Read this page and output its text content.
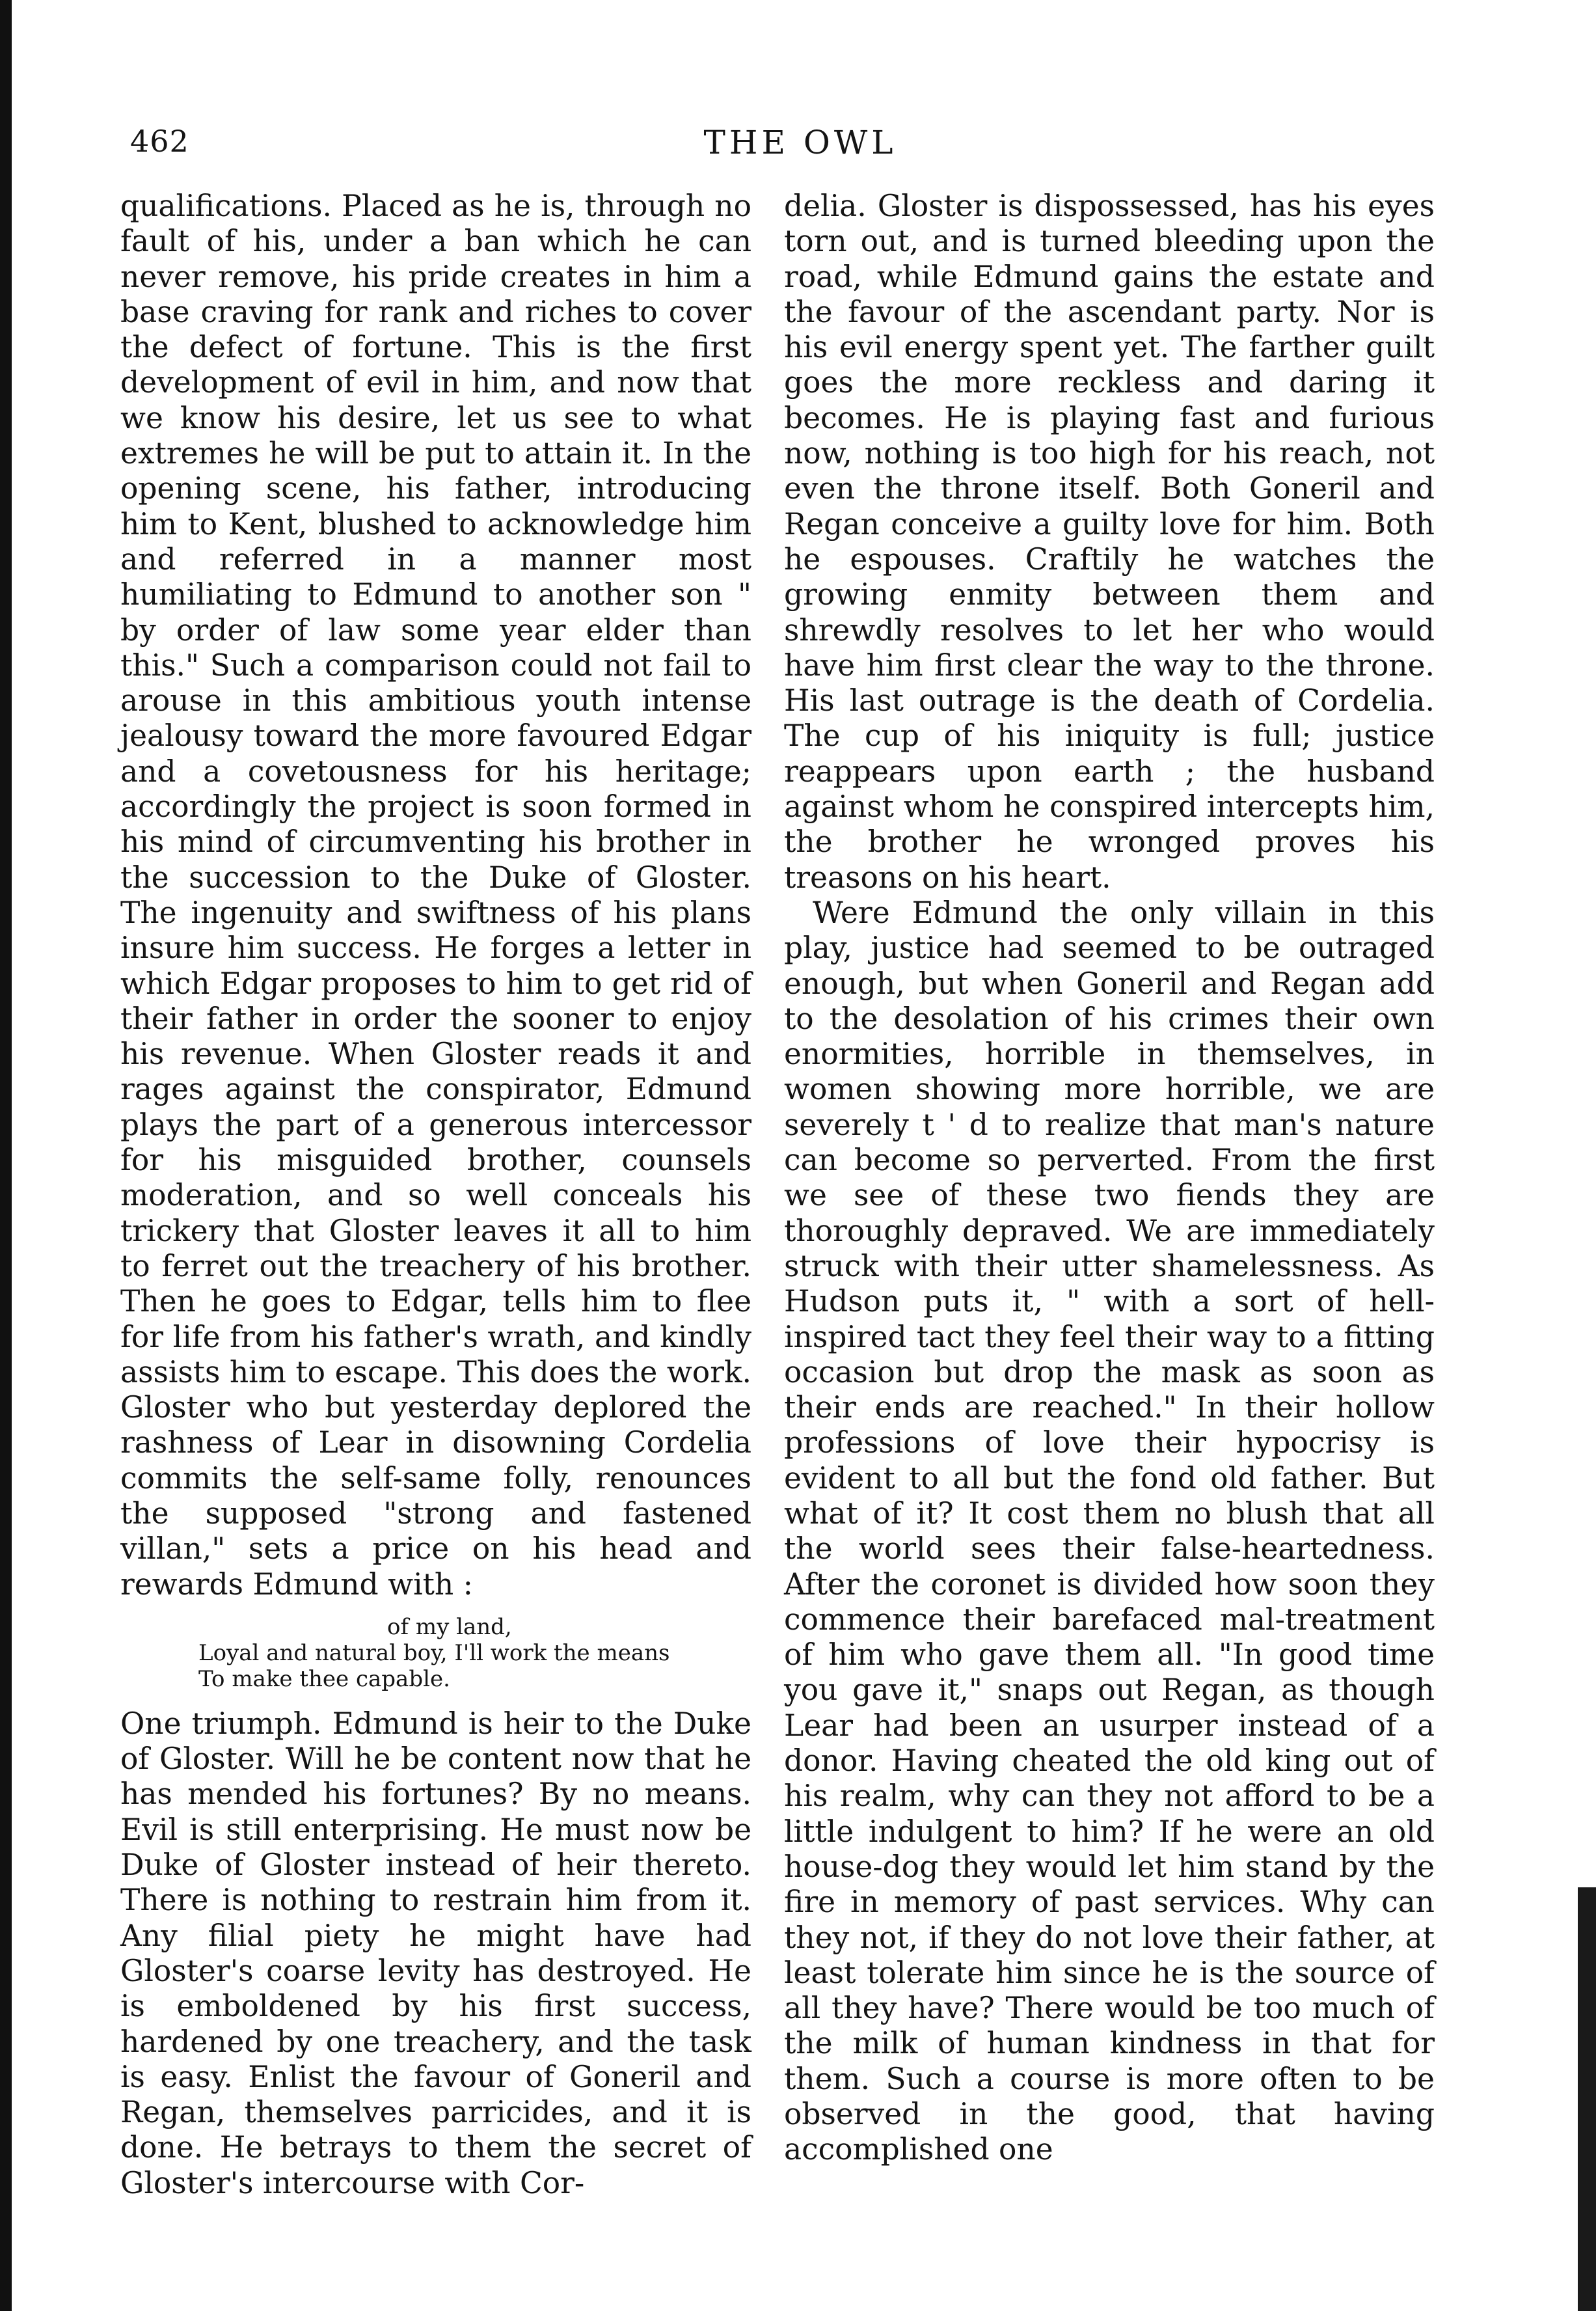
462	THE OWL

qualifications. Placed as he is, through no fault of his, under a ban which he can never remove, his pride creates in him a base craving for rank and riches to cover the defect of fortune. This is the first development of evil in him, and now that we know his desire, let us see to what extremes he will be put to attain it. In the opening scene, his father, introducing him to Kent, blushed to acknowledge him and referred in a manner most humiliating to Edmund to another son " by order of law some year elder than this." Such a comparison could not fail to arouse in this ambitious youth intense jealousy toward the more favoured Edgar and a covetousness for his heritage; accordingly the project is soon formed in his mind of circumventing his brother in the succession to the Duke of Gloster. The ingenuity and swiftness of his plans insure him success. He forges a letter in which Edgar proposes to him to get rid of their father in order the sooner to enjoy his revenue. When Gloster reads it and rages against the conspirator, Edmund plays the part of a generous intercessor for his misguided brother, counsels moderation, and so well conceals his trickery that Gloster leaves it all to him to ferret out the treachery of his brother. Then he goes to Edgar, tells him to flee for life from his father's wrath, and kindly assists him to escape. This does the work. Gloster who but yesterday deplored the rashness of Lear in disowning Cordelia commits the self-same folly, renounces the supposed "strong and fastened villan," sets a price on his head and rewards Edmund with :

of my land,
Loyal and natural boy, I'll work the means
To make thee capable.

One triumph. Edmund is heir to the Duke of Gloster. Will he be content now that he has mended his fortunes? By no means. Evil is still enterprising. He must now be Duke of Gloster instead of heir thereto. There is nothing to restrain him from it. Any filial piety he might have had Gloster's coarse levity has destroyed. He is emboldened by his first success, hardened by one treachery, and the task is easy. Enlist the favour of Goneril and Regan, themselves parricides, and it is done. He betrays to them the secret of Gloster's intercourse with Cor-

delia. Gloster is dispossessed, has his eyes torn out, and is turned bleeding upon the road, while Edmund gains the estate and the favour of the ascendant party. Nor is his evil energy spent yet. The farther guilt goes the more reckless and daring it becomes. He is playing fast and furious now, nothing is too high for his reach, not even the throne itself. Both Goneril and Regan conceive a guilty love for him. Both he espouses. Craftily he watches the growing enmity between them and shrewdly resolves to let her who would have him first clear the way to the throne. His last outrage is the death of Cordelia. The cup of his iniquity is full; justice reappears upon earth ; the husband against whom he conspired intercepts him, the brother he wronged proves his treasons on his heart.

Were Edmund the only villain in this play, justice had seemed to be outraged enough, but when Goneril and Regan add to the desolation of his crimes their own enormities, horrible in themselves, in women showing more horrible, we are severely t ' d to realize that man's nature can become so perverted. From the first we see of these two fiends they are thoroughly depraved. We are immediately struck with their utter shamelessness. As Hudson puts it, " with a sort of hell-inspired tact they feel their way to a fitting occasion but drop the mask as soon as their ends are reached." In their hollow professions of love their hypocrisy is evident to all but the fond old father. But what of it? It cost them no blush that all the world sees their false-heartedness. After the coronet is divided how soon they commence their barefaced mal-treatment of him who gave them all. "In good time you gave it," snaps out Regan, as though Lear had been an usurper instead of a donor. Having cheated the old king out of his realm, why can they not afford to be a little indulgent to him? If he were an old house-dog they would let him stand by the fire in memory of past services. Why can they not, if they do not love their father, at least tolerate him since he is the source of all they have? There would be too much of the milk of human kindness in that for them. Such a course is more often to be observed in the good, that having accomplished one
